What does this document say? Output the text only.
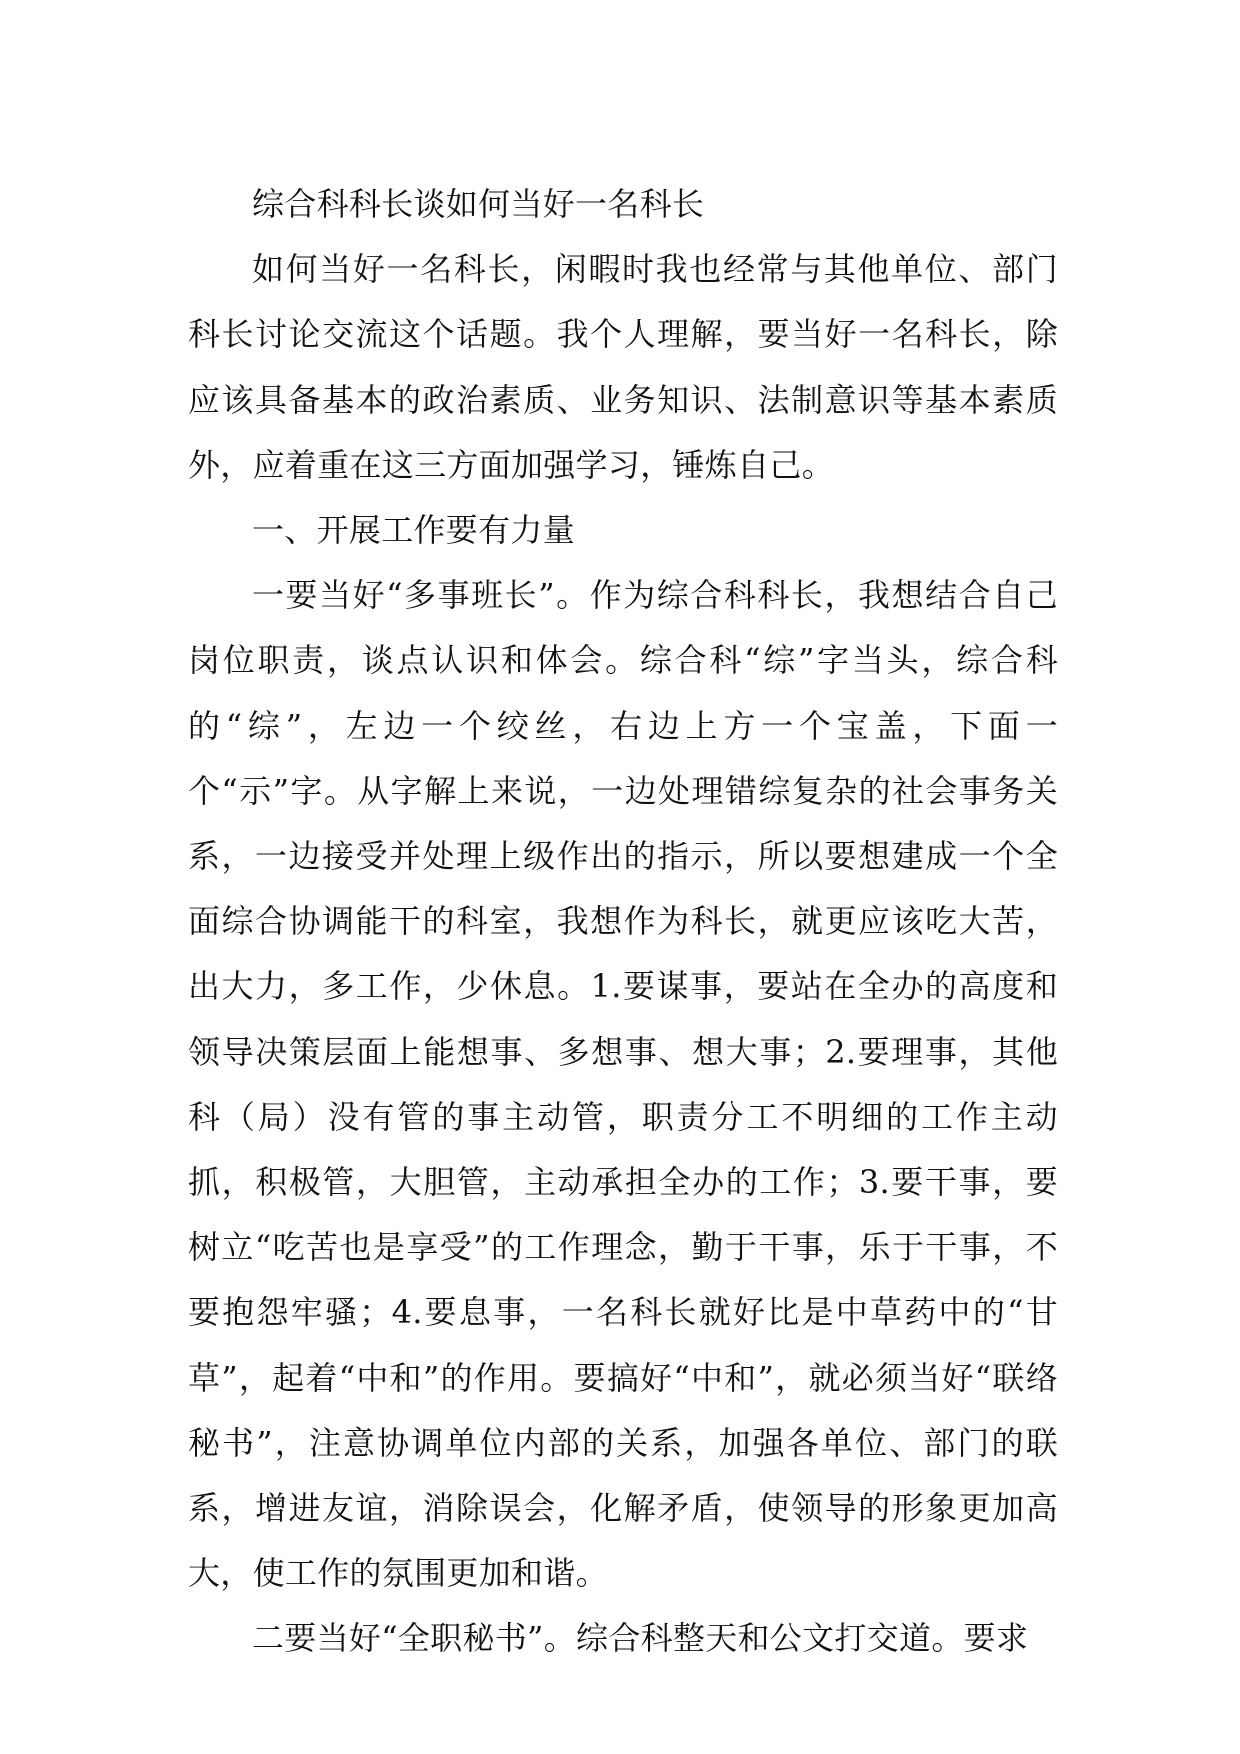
综合科科长谈如何当好一名科长

如何当好一名科长，闲暇时我也经常与其他单位、部门科长讨论交流这个话题。我个人理解，要当好一名科长，除应该具备基本的政治素质、业务知识、法制意识等基本素质外，应着重在这三方面加强学习，锤炼自己。

一、开展工作要有力量

一要当好“多事班长”。作为综合科科长，我想结合自己岗位职责，谈点认识和体会。综合科“综”字当头，综合科的“综”，左边一个绞丝，右边上方一个宝盖，下面一个“示”字。从字解上来说，一边处理错综复杂的社会事务关系，一边接受并处理上级作出的指示，所以要想建成一个全面综合协调能干的科室，我想作为科长，就更应该吃大苦，出大力，多工作，少休息。1.要谋事，要站在全办的高度和领导决策层面上能想事、多想事、想大事；2.要理事，其他科（局）没有管的事主动管，职责分工不明细的工作主动抓，积极管，大胆管，主动承担全办的工作；3.要干事，要树立“吃苦也是享受”的工作理念，勤于干事，乐于干事，不要抱怨牢骚；4.要息事，一名科长就好比是中草药中的“甘草”，起着“中和”的作用。要搞好“中和”，就必须当好“联络秘书”，注意协调单位内部的关系，加强各单位、部门的联系，增进友谊，消除误会，化解矛盾，使领导的形象更加高大，使工作的氛围更加和谐。

二要当好“全职秘书”。综合科整天和公文打交道。要求
